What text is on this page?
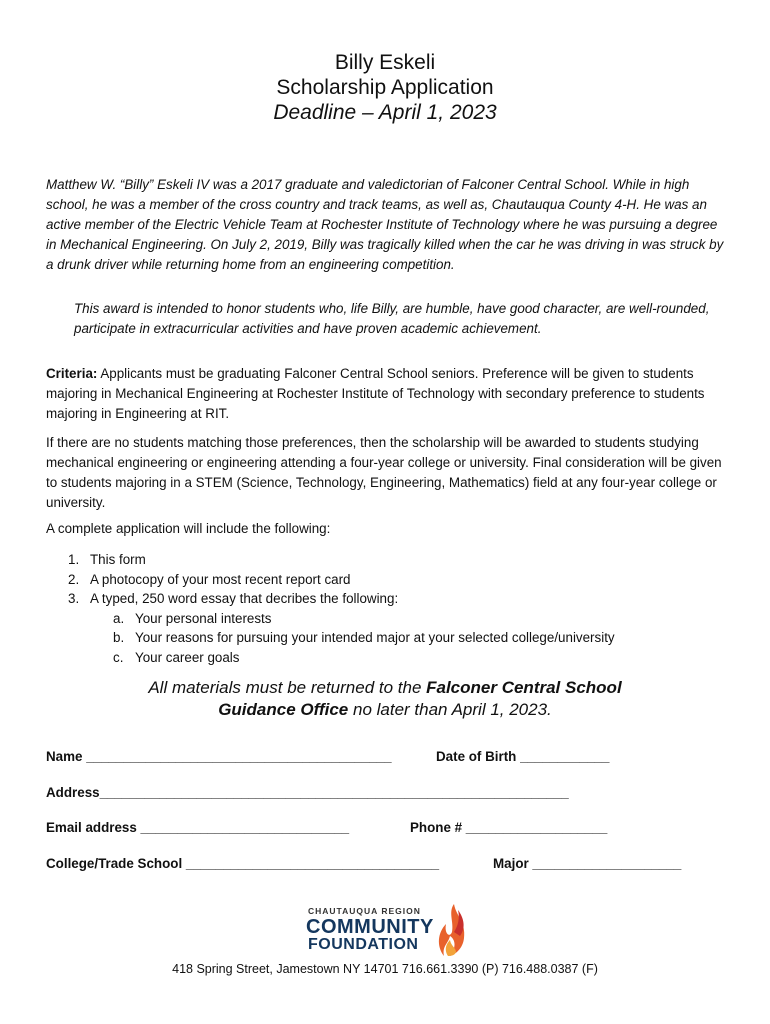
Billy Eskeli
Scholarship Application
Deadline – April 1, 2023

Matthew W. “Billy” Eskeli IV was a 2017 graduate and valedictorian of Falconer Central School. While in high school, he was a member of the cross country and track teams, as well as, Chautauqua County 4-H. He was an active member of the Electric Vehicle Team at Rochester Institute of Technology where he was pursuing a degree in Mechanical Engineering. On July 2, 2019, Billy was tragically killed when the car he was driving in was struck by a drunk driver while returning home from an engineering competition.

This award is intended to honor students who, life Billy, are humble, have good character, are well-rounded, participate in extracurricular activities and have proven academic achievement.

Criteria: Applicants must be graduating Falconer Central School seniors. Preference will be given to students majoring in Mechanical Engineering at Rochester Institute of Technology with secondary preference to students majoring in Engineering at RIT.

If there are no students matching those preferences, then the scholarship will be awarded to students studying mechanical engineering or engineering attending a four-year college or university. Final consideration will be given to students majoring in a STEM (Science, Technology, Engineering, Mathematics) field at any four-year college or university.

A complete application will include the following:

1. This form
2. A photocopy of your most recent report card
3. A typed, 250 word essay that decribes the following:
a. Your personal interests
b. Your reasons for pursuing your intended major at your selected college/university
c. Your career goals
All materials must be returned to the Falconer Central School
Guidance Office no later than April 1, 2023.
Name _________________________________________	Date of Birth ____________
Address_______________________________________________________________
Email address ____________________________	Phone # ___________________
College/Trade School __________________________________	Major ____________________
CHAUTAUQUA REGION
COMMUNITY
FOUNDATION
418 Spring Street, Jamestown NY 14701 716.661.3390 (P) 716.488.0387 (F)
